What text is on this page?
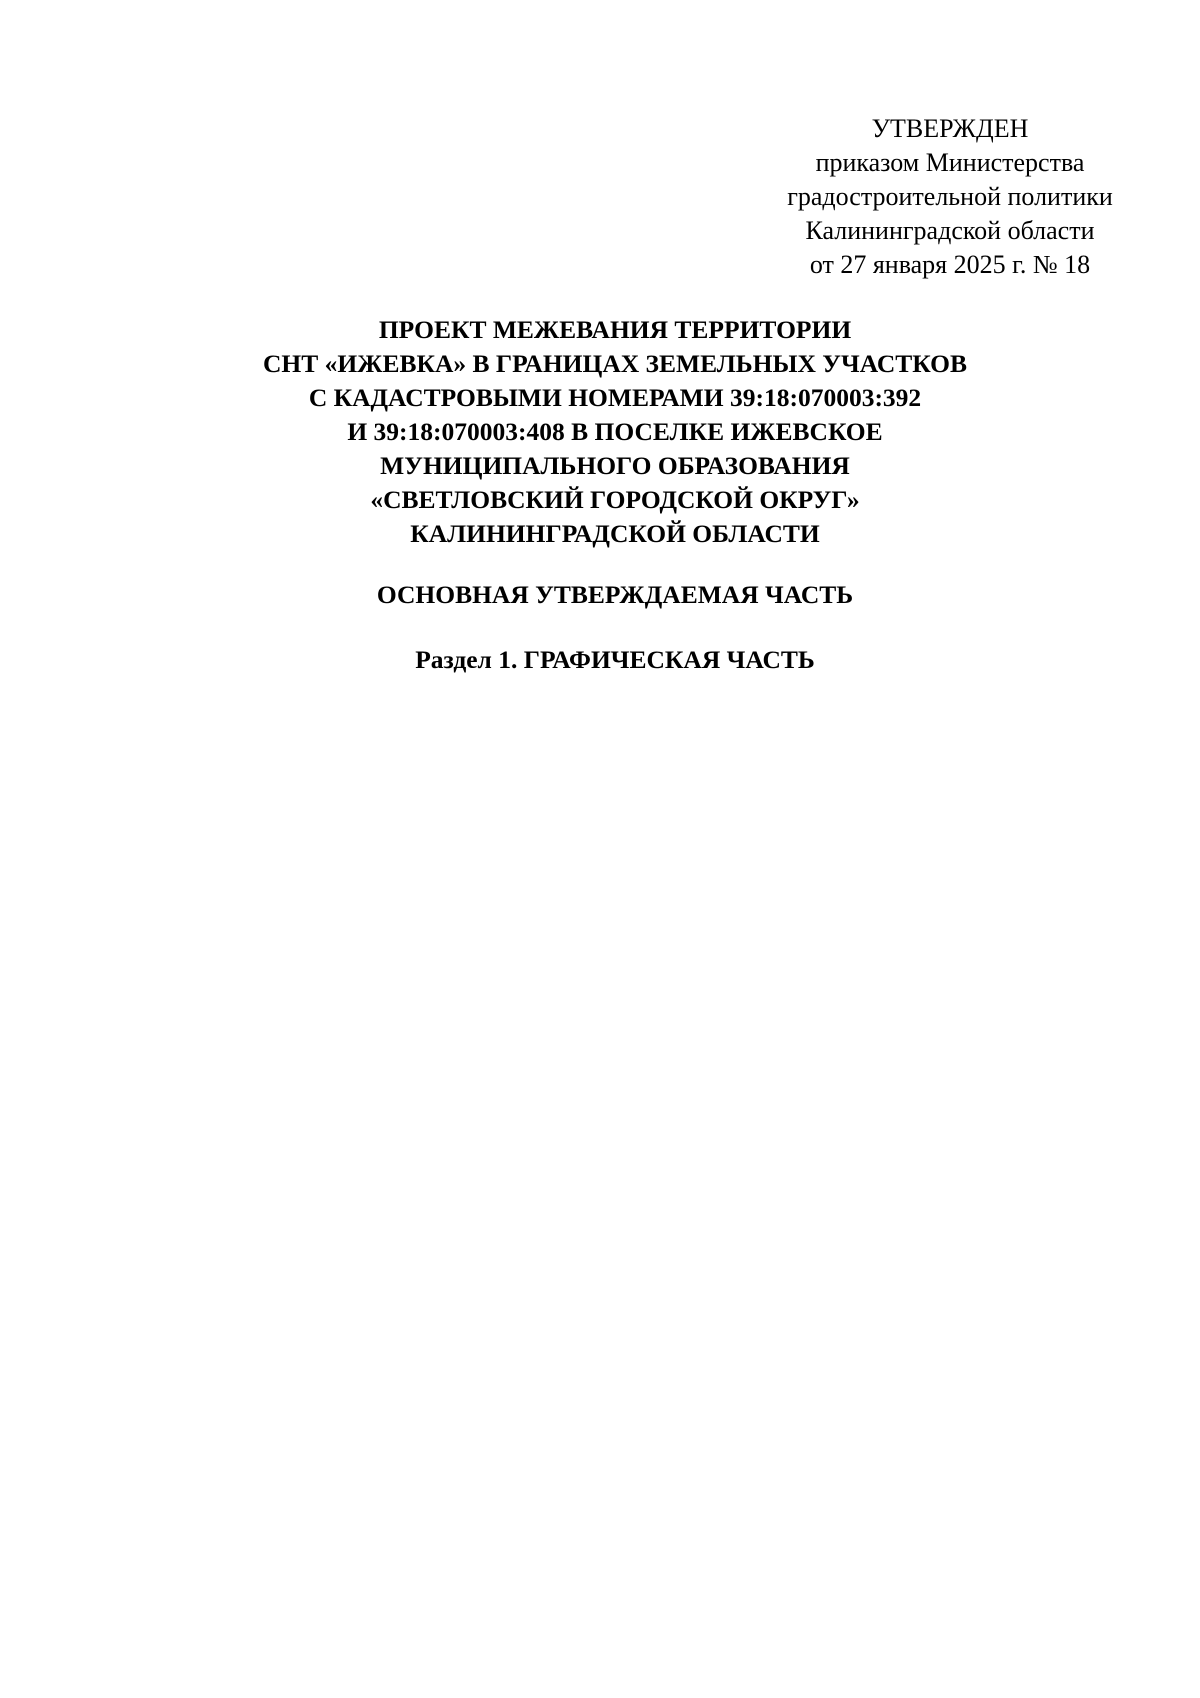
УТВЕРЖДЕН
приказом Министерства
градостроительной политики
Калининградской области
от 27 января 2025 г. № 18
ПРОЕКТ МЕЖЕВАНИЯ ТЕРРИТОРИИ
СНТ «ИЖЕВКА» В ГРАНИЦАХ ЗЕМЕЛЬНЫХ УЧАСТКОВ
С КАДАСТРОВЫМИ НОМЕРАМИ 39:18:070003:392
И 39:18:070003:408 В ПОСЕЛКЕ ИЖЕВСКОЕ
МУНИЦИПАЛЬНОГО ОБРАЗОВАНИЯ
«СВЕТЛОВСКИЙ ГОРОДСКОЙ ОКРУГ»
КАЛИНИНГРАДСКОЙ ОБЛАСТИ
ОСНОВНАЯ УТВЕРЖДАЕМАЯ ЧАСТЬ
Раздел 1. ГРАФИЧЕСКАЯ ЧАСТЬ
